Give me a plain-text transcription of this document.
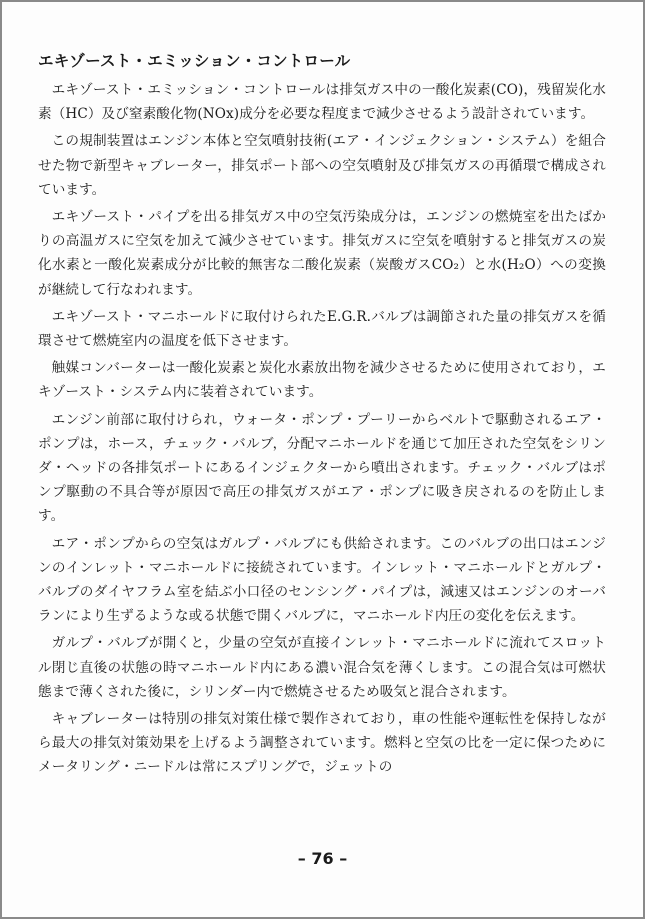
エキゾースト・エミッション・コントロール

エキゾースト・エミッション・コントロールは排気ガス中の一酸化炭素(CO)，残留炭化水素（HC）及び窒素酸化物(NOx)成分を必要な程度まで減少させるよう設計されています。

この規制装置はエンジン本体と空気噴射技術(エア・インジェクション・システム）を組合せた物で新型キャブレーター，排気ポート部への空気噴射及び排気ガスの再循環で構成されています。

エキゾースト・パイプを出る排気ガス中の空気汚染成分は，エンジンの燃焼室を出たばかりの高温ガスに空気を加えて減少させています。排気ガスに空気を噴射すると排気ガスの炭化水素と一酸化炭素成分が比較的無害な二酸化炭素（炭酸ガスCO₂）と水(H₂O）への変換が継続して行なわれます。

エキゾースト・マニホールドに取付けられたE.G.R.バルブは調節された量の排気ガスを循環させて燃焼室内の温度を低下させます。

触媒コンバーターは一酸化炭素と炭化水素放出物を減少させるために使用されており，エキゾースト・システム内に装着されています。

エンジン前部に取付けられ，ウォータ・ポンプ・プーリーからベルトで駆動されるエア・ポンプは，ホース，チェック・バルブ，分配マニホールドを通じて加圧された空気をシリンダ・ヘッドの各排気ポートにあるインジェクターから噴出されます。チェック・バルブはポンプ駆動の不具合等が原因で高圧の排気ガスがエア・ポンプに吸き戻されるのを防止します。

エア・ポンプからの空気はガルプ・バルブにも供給されます。このバルブの出口はエンジンのインレット・マニホールドに接続されています。インレット・マニホールドとガルプ・バルブのダイヤフラム室を結ぶ小口径のセンシング・パイプは，減速又はエンジンのオーバランにより生ずるような或る状態で開くバルブに，マニホールド内圧の変化を伝えます。

ガルプ・バルブが開くと，少量の空気が直接インレット・マニホールドに流れてスロットル閉じ直後の状態の時マニホールド内にある濃い混合気を薄くします。この混合気は可燃状態まで薄くされた後に，シリンダー内で燃焼させるため吸気と混合されます。

キャブレーターは特別の排気対策仕様で製作されており，車の性能や運転性を保持しながら最大の排気対策効果を上げるよう調整されています。燃料と空気の比を一定に保つためにメータリング・ニードルは常にスプリングで，ジェットの

– 76 –
